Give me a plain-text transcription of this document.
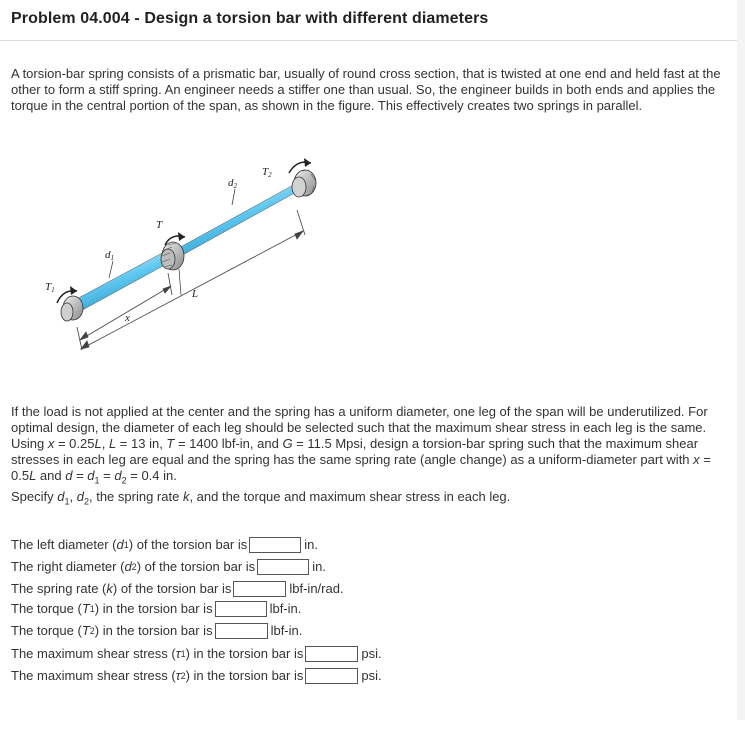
Problem 04.004 - Design a torsion bar with different diameters
A torsion-bar spring consists of a prismatic bar, usually of round cross section, that is twisted at one end and held fast at the other to form a stiff spring. An engineer needs a stiffer one than usual. So, the engineer builds in both ends and applies the torque in the central portion of the span, as shown in the figure. This effectively creates two springs in parallel.
T1
T
T2
d1
d2
x
L
If the load is not applied at the center and the spring has a uniform diameter, one leg of the span will be underutilized. For optimal design, the diameter of each leg should be selected such that the maximum shear stress in each leg is the same. Using x = 0.25L, L = 13 in, T = 1400 lbf-in, and G = 11.5 Mpsi, design a torsion-bar spring such that the maximum shear stresses in each leg are equal and the spring has the same spring rate (angle change) as a uniform-diameter part with x = 0.5L and $d = d_1 = d_2 = 0.4$ in.
Specify $d_1$, $d_2$, the spring rate k, and the torque and maximum shear stress in each leg.
The left diameter ( d 1 ) of the torsion bar is	in.
The right diameter ( d 2 ) of the torsion bar is	in.
The spring rate ( k ) of the torsion bar is	lbf-in/rad.
The torque ( T 1 ) in the torsion bar is	lbf-in.
The torque ( T 2 ) in the torsion bar is	lbf-in.
The maximum shear stress ( τ 1 ) in the torsion bar is	psi.
The maximum shear stress ( τ 2 ) in the torsion bar is	psi.
